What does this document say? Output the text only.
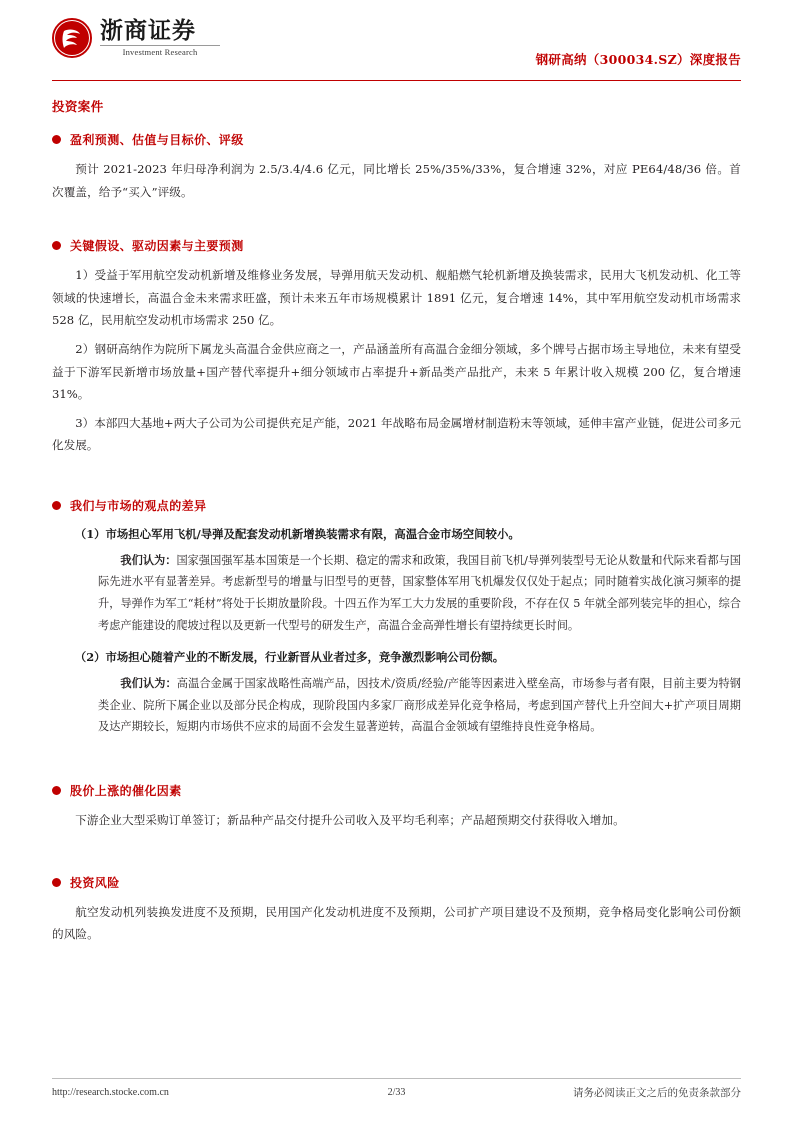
浙商证券
Investment Research	钢研高纳（300034.SZ）深度报告
投资案件
盈利预测、估值与目标价、评级

预计 2021-2023 年归母净利润为 2.5/3.4/4.6 亿元，同比增长 25%/35%/33%，复合增速 32%，对应 PE64/48/36 倍。首次覆盖，给予“买入”评级。

关键假设、驱动因素与主要预测

1）受益于军用航空发动机新增及维修业务发展，导弹用航天发动机、舰船燃气轮机新增及换装需求，民用大飞机发动机、化工等领域的快速增长，高温合金未来需求旺盛，预计未来五年市场规模累计 1891 亿元，复合增速 14%，其中军用航空发动机市场需求 528 亿，民用航空发动机市场需求 250 亿。

2）钢研高纳作为院所下属龙头高温合金供应商之一，产品涵盖所有高温合金细分领域，多个牌号占据市场主导地位，未来有望受益于下游军民新增市场放量+国产替代率提升+细分领域市占率提升+新品类产品批产，未来 5 年累计收入规模 200 亿，复合增速 31%。

3）本部四大基地+两大子公司为公司提供充足产能，2021 年战略布局金属增材制造粉末等领域，延伸丰富产业链，促进公司多元化发展。

我们与市场的观点的差异

（1）市场担心军用飞机/导弹及配套发动机新增换装需求有限，高温合金市场空间较小。

我们认为：国家强国强军基本国策是一个长期、稳定的需求和政策，我国目前飞机/导弹列装型号无论从数量和代际来看都与国际先进水平有显著差异。考虑新型号的增量与旧型号的更替，国家整体军用飞机爆发仅仅处于起点；同时随着实战化演习频率的提升，导弹作为军工“耗材”将处于长期放量阶段。十四五作为军工大力发展的重要阶段，不存在仅 5 年就全部列装完毕的担心，综合考虑产能建设的爬坡过程以及更新一代型号的研发生产，高温合金高弹性增长有望持续更长时间。

（2）市场担心随着产业的不断发展，行业新晋从业者过多，竞争激烈影响公司份额。

我们认为：高温合金属于国家战略性高端产品，因技术/资质/经验/产能等因素进入壁垒高，市场参与者有限，目前主要为特钢类企业、院所下属企业以及部分民企构成，现阶段国内多家厂商形成差异化竞争格局，考虑到国产替代上升空间大+扩产项目周期及达产期较长，短期内市场供不应求的局面不会发生显著逆转，高温合金领域有望维持良性竞争格局。

股价上涨的催化因素

下游企业大型采购订单签订；新品种产品交付提升公司收入及平均毛利率；产品超预期交付获得收入增加。

投资风险

航空发动机列装换发进度不及预期，民用国产化发动机进度不及预期，公司扩产项目建设不及预期，竞争格局变化影响公司份额的风险。

http://research.stocke.com.cn	2/33	请务必阅读正文之后的免责条款部分
